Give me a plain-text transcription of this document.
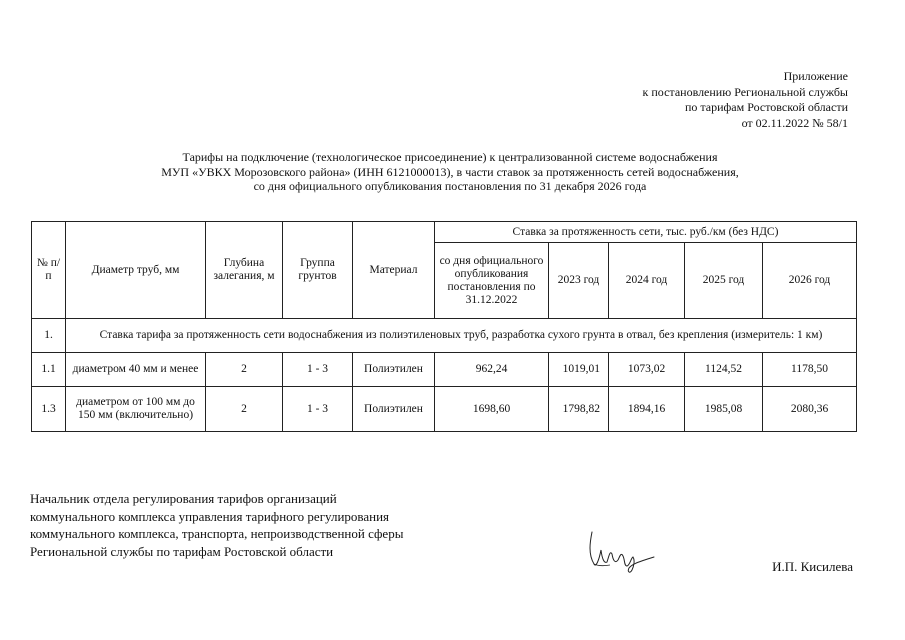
Приложение
к постановлению Региональной службы
по тарифам Ростовской области
от 02.11.2022 № 58/1
Тарифы на подключение (технологическое присоединение) к централизованной системе водоснабжения
МУП «УВКХ Морозовского района» (ИНН 6121000013), в части ставок за протяженность сетей водоснабжения,
со дня официального опубликования постановления по 31 декабря 2026 года
№ п/п	Диаметр труб, мм	Глубина залегания, м	Группа грунтов	Материал	Ставка за протяженность сети, тыс. руб./км (без НДС)				
					со дня официального опубликования постановления по 31.12.2022	2023 год	2024 год	2025 год	2026 год
1.	Ставка тарифа за протяженность сети водоснабжения из полиэтиленовых труб, разработка сухого грунта в отвал, без крепления (измеритель: 1 км)								
1.1	диаметром 40 мм и менее	2	1 - 3	Полиэтилен	962,24	1019,01	1073,02	1124,52	1178,50
1.3	диаметром от 100 мм до 150 мм (включительно)	2	1 - 3	Полиэтилен	1698,60	1798,82	1894,16	1985,08	2080,36
Начальник отдела регулирования тарифов организаций коммунального комплекса управления тарифного регулирования коммунального комплекса, транспорта, непроизводственной сферы Региональной службы по тарифам Ростовской области
И.П. Кисилева
